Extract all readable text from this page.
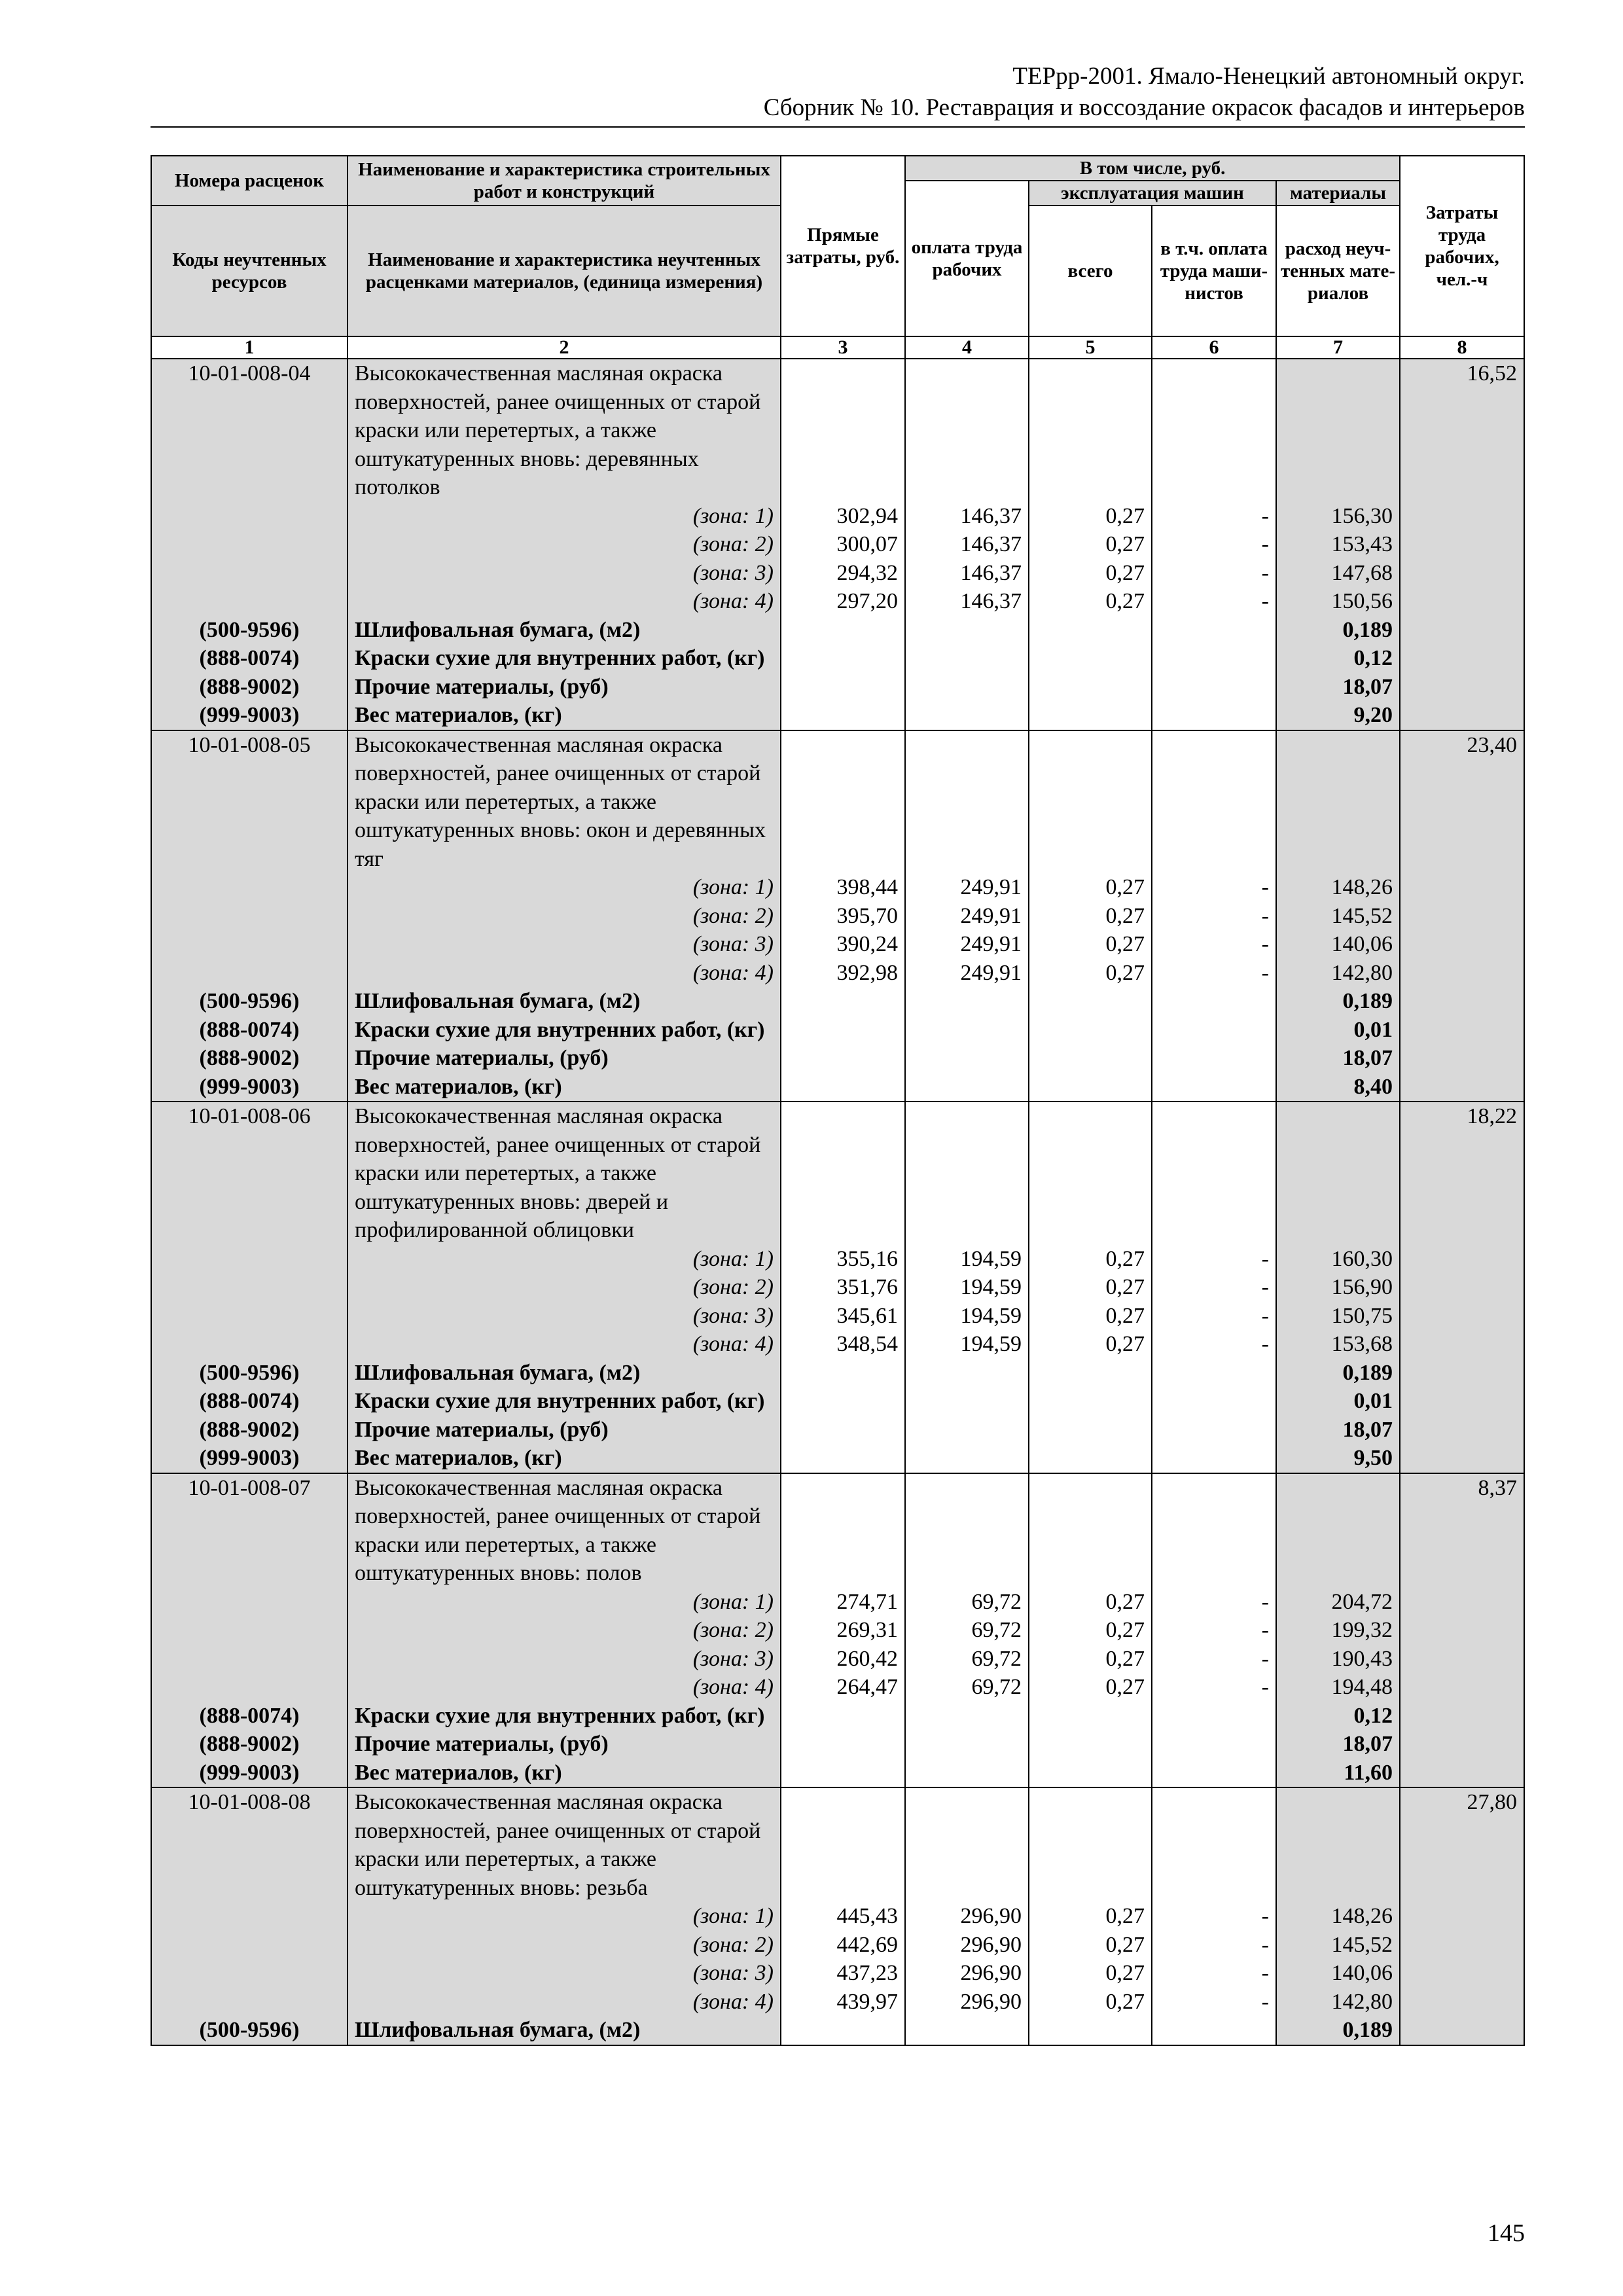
ТЕРрр-2001. Ямало-Ненецкий автономный округ.
Сборник № 10. Реставрация и воссоздание окрасок фасадов и интерьеров
Номера расценок	Наименование и характеристика строительных работ и конструкций	Прямые затраты, руб.	В том числе, руб.				Затраты труда рабочих, чел.-ч
			оплата труда рабочих	эксплуатация машин		материалы	
Коды неучтенных ресурсов	Наименование и характеристика неучтенных расценками материалов, (единица измерения)			всего	в т.ч. оплата труда маши-нистов	расход неуч-тенных мате-риалов	

1	2	3	4	5	6	7	8
10-01-008-04	Высококачественная масляная окраска поверхностей, ранее очищенных от старой краски или перетертых, а также оштукатуренных вновь: деревянных потолков						16,52
	(зона: 1)	302,94	146,37	0,27	-	156,30	
	(зона: 2)	300,07	146,37	0,27	-	153,43	
	(зона: 3)	294,32	146,37	0,27	-	147,68	
	(зона: 4)	297,20	146,37	0,27	-	150,56	
(500-9596)	Шлифовальная бумага, (м2)					0,189	
(888-0074)	Краски сухие для внутренних работ, (кг)					0,12	
(888-9002)	Прочие материалы, (руб)					18,07	
(999-9003)	Вес материалов, (кг)					9,20	
10-01-008-05	Высококачественная масляная окраска поверхностей, ранее очищенных от старой краски или перетертых, а также оштукатуренных вновь: окон и деревянных тяг						23,40
	(зона: 1)	398,44	249,91	0,27	-	148,26	
	(зона: 2)	395,70	249,91	0,27	-	145,52	
	(зона: 3)	390,24	249,91	0,27	-	140,06	
	(зона: 4)	392,98	249,91	0,27	-	142,80	
(500-9596)	Шлифовальная бумага, (м2)					0,189	
(888-0074)	Краски сухие для внутренних работ, (кг)					0,01	
(888-9002)	Прочие материалы, (руб)					18,07	
(999-9003)	Вес материалов, (кг)					8,40	
10-01-008-06	Высококачественная масляная окраска поверхностей, ранее очищенных от старой краски или перетертых, а также оштукатуренных вновь: дверей и профилированной облицовки						18,22
	(зона: 1)	355,16	194,59	0,27	-	160,30	
	(зона: 2)	351,76	194,59	0,27	-	156,90	
	(зона: 3)	345,61	194,59	0,27	-	150,75	
	(зона: 4)	348,54	194,59	0,27	-	153,68	
(500-9596)	Шлифовальная бумага, (м2)					0,189	
(888-0074)	Краски сухие для внутренних работ, (кг)					0,01	
(888-9002)	Прочие материалы, (руб)					18,07	
(999-9003)	Вес материалов, (кг)					9,50	
10-01-008-07	Высококачественная масляная окраска поверхностей, ранее очищенных от старой краски или перетертых, а также оштукатуренных вновь: полов						8,37
	(зона: 1)	274,71	69,72	0,27	-	204,72	
	(зона: 2)	269,31	69,72	0,27	-	199,32	
	(зона: 3)	260,42	69,72	0,27	-	190,43	
	(зона: 4)	264,47	69,72	0,27	-	194,48	
(888-0074)	Краски сухие для внутренних работ, (кг)					0,12	
(888-9002)	Прочие материалы, (руб)					18,07	
(999-9003)	Вес материалов, (кг)					11,60	
10-01-008-08	Высококачественная масляная окраска поверхностей, ранее очищенных от старой краски или перетертых, а также оштукатуренных вновь: резьба						27,80
	(зона: 1)	445,43	296,90	0,27	-	148,26	
	(зона: 2)	442,69	296,90	0,27	-	145,52	
	(зона: 3)	437,23	296,90	0,27	-	140,06	
	(зона: 4)	439,97	296,90	0,27	-	142,80	
(500-9596)	Шлифовальная бумага, (м2)					0,189	
145
